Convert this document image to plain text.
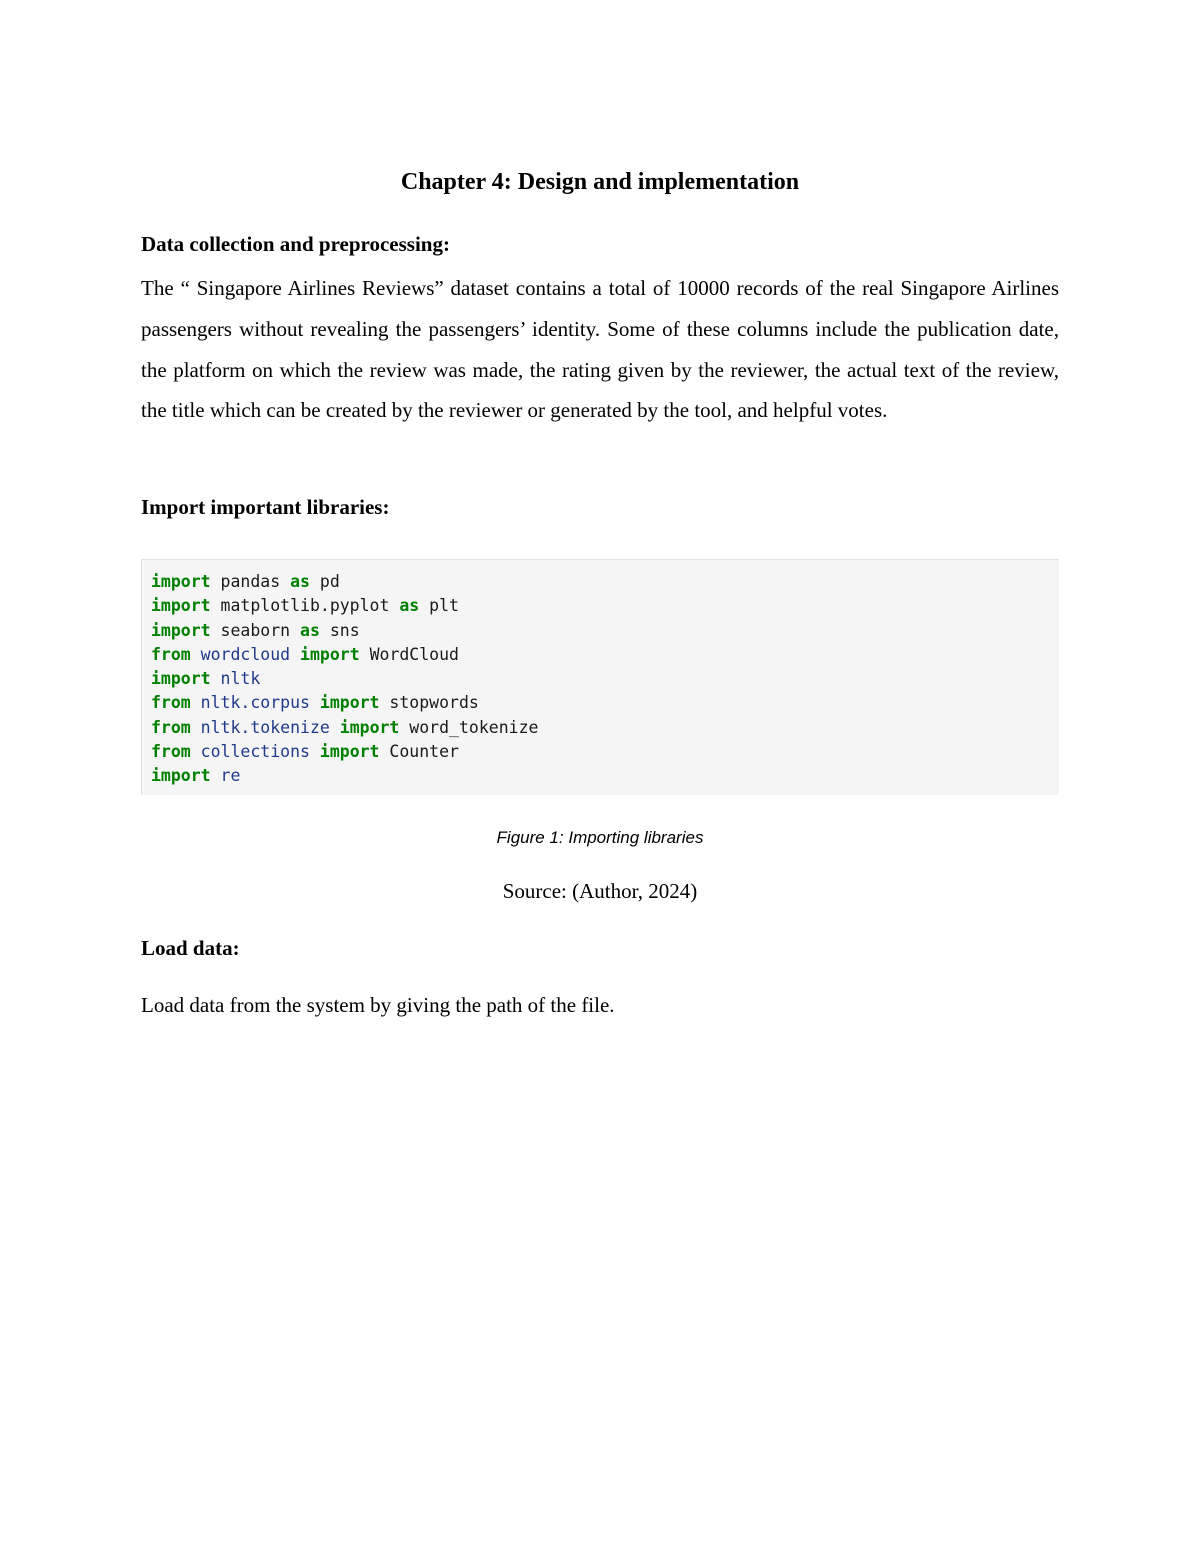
Chapter 4: Design and implementation
Data collection and preprocessing:

The “ Singapore Airlines Reviews” dataset contains a total of 10000 records of the real Singapore Airlines passengers without revealing the passengers’ identity. Some of these columns include the publication date, the platform on which the review was made, the rating given by the reviewer, the actual text of the review, the title which can be created by the reviewer or generated by the tool, and helpful votes.

Import important libraries:
import pandas as pd
import matplotlib.pyplot as plt
import seaborn as sns
from wordcloud import WordCloud
import nltk
from nltk.corpus import stopwords
from nltk.tokenize import word_tokenize
from collections import Counter
import re

Figure 1: Importing libraries

Source: (Author, 2024)

Load data:

Load data from the system by giving the path of the file.
